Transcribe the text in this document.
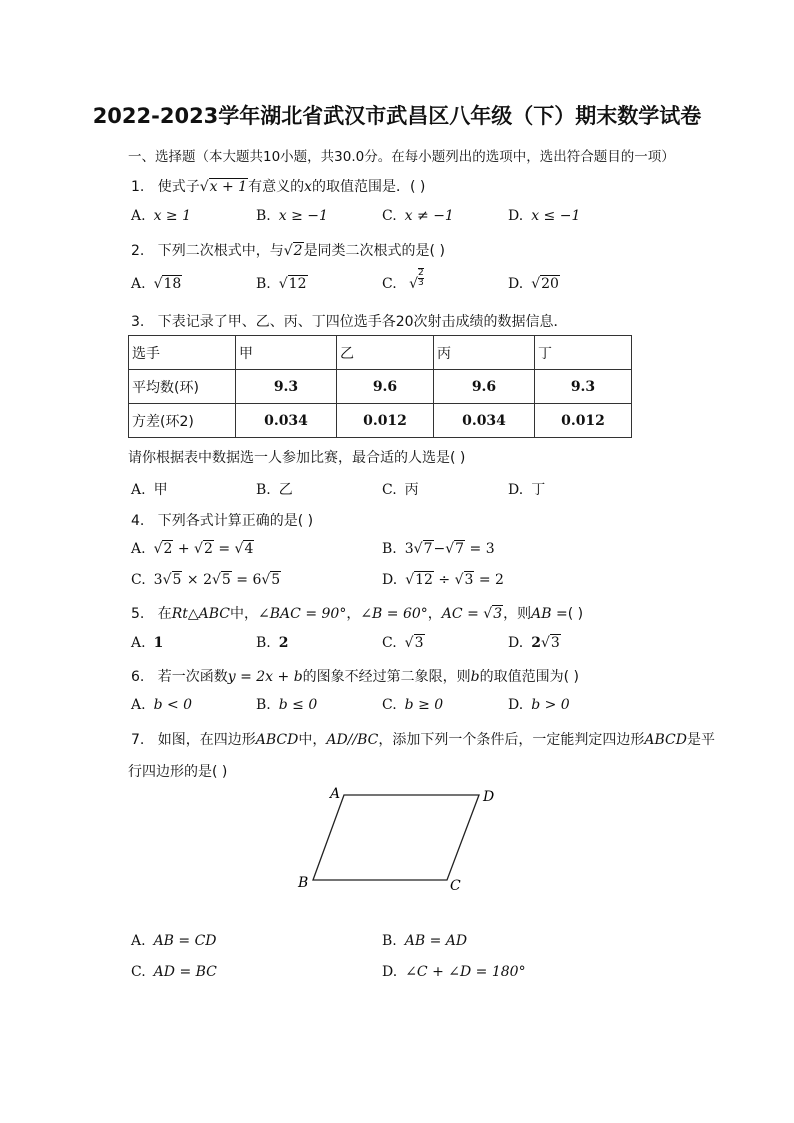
2022-2023学年湖北省武汉市武昌区八年级（下）期末数学试卷
一、选择题（本大题共10小题，共30.0分。在每小题列出的选项中，选出符合题目的一项）
1. 使式子√x + 1有意义的x的取值范围是．( )
A. x ≥ 1	B. x ≥ −1	C. x ≠ −1	D. x ≤ −1
2. 下列二次根式中，与√2是同类二次根式的是( )
A. √18	B. √12	C. √ $\frac{2}{3}$	D. √20
3. 下表记录了甲、乙、丙、丁四位选手各20次射击成绩的数据信息．
选手	甲	乙	丙	丁
平均数(环)	9.3	9.6	9.6	9.3
方差(环2)	0.034	0.012	0.034	0.012
请你根据表中数据选一人参加比赛，最合适的人选是( )
A. 甲	B. 乙	C. 丙	D. 丁
4. 下列各式计算正确的是( )
A. √2 + √2 = √4	B. 3√7−√7 = 3
C. 3√5 × 2√5 = 6√5	D. √12 ÷ √3 = 2
5. 在Rt△ABC中，∠BAC = 90°，∠B = 60°，AC = √3，则AB =( )
A. 1	B. 2	C. √3	D. 2√3
6. 若一次函数y = 2x + b的图象不经过第二象限，则b的取值范围为( )
A. b < 0	B. b ≤ 0	C. b ≥ 0	D. b > 0
7. 如图，在四边形ABCD中，AD//BC，添加下列一个条件后，一定能判定四边形ABCD是平
行四边形的是( )
A	D
B	C
A. AB = CD	B. AB = AD
C. AD = BC	D. ∠C + ∠D = 180°
